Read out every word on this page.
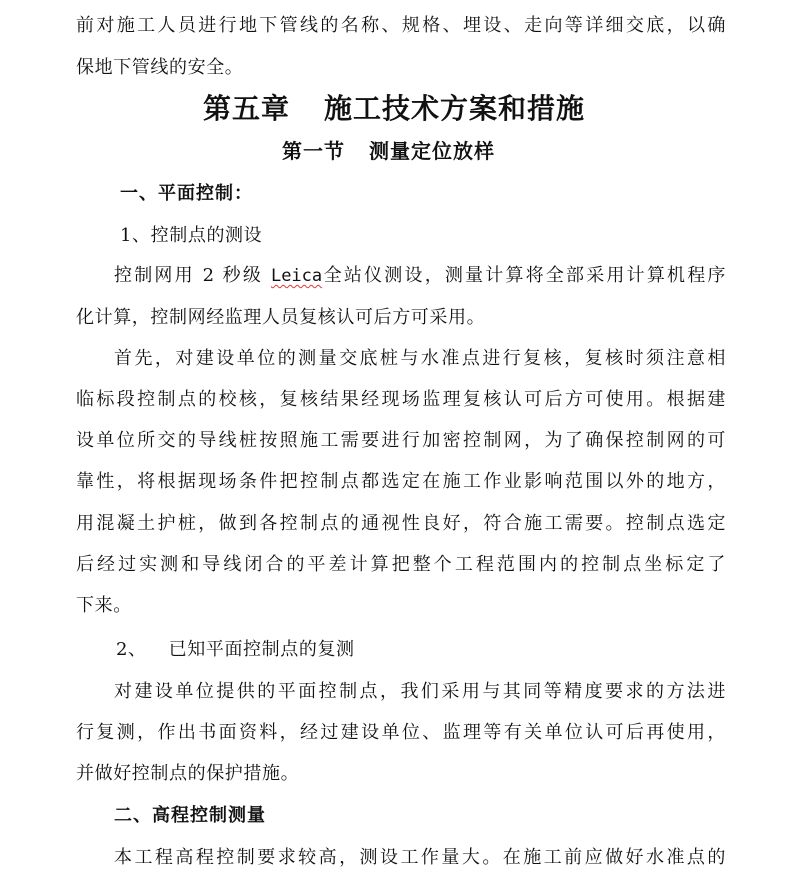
前对施工人员进行地下管线的名称、规格、埋设、走向等详细交底，以确
保地下管线的安全。
第五章 施工技术方案和措施
第一节 测量定位放样
一、平面控制：
1、控制点的测设
控制网用 2 秒级 Leica全站仪测设，测量计算将全部采用计算机程序
化计算，控制网经监理人员复核认可后方可采用。
首先，对建设单位的测量交底桩与水准点进行复核，复核时须注意相
临标段控制点的校核，复核结果经现场监理复核认可后方可使用。根据建
设单位所交的导线桩按照施工需要进行加密控制网，为了确保控制网的可
靠性，将根据现场条件把控制点都选定在施工作业影响范围以外的地方，
用混凝土护桩，做到各控制点的通视性良好，符合施工需要。控制点选定
后经过实测和导线闭合的平差计算把整个工程范围内的控制点坐标定了
下来。
2、 已知平面控制点的复测
对建设单位提供的平面控制点，我们采用与其同等精度要求的方法进
行复测，作出书面资料，经过建设单位、监理等有关单位认可后再使用，
并做好控制点的保护措施。
二、高程控制测量
本工程高程控制要求较高，测设工作量大。在施工前应做好水准点的
